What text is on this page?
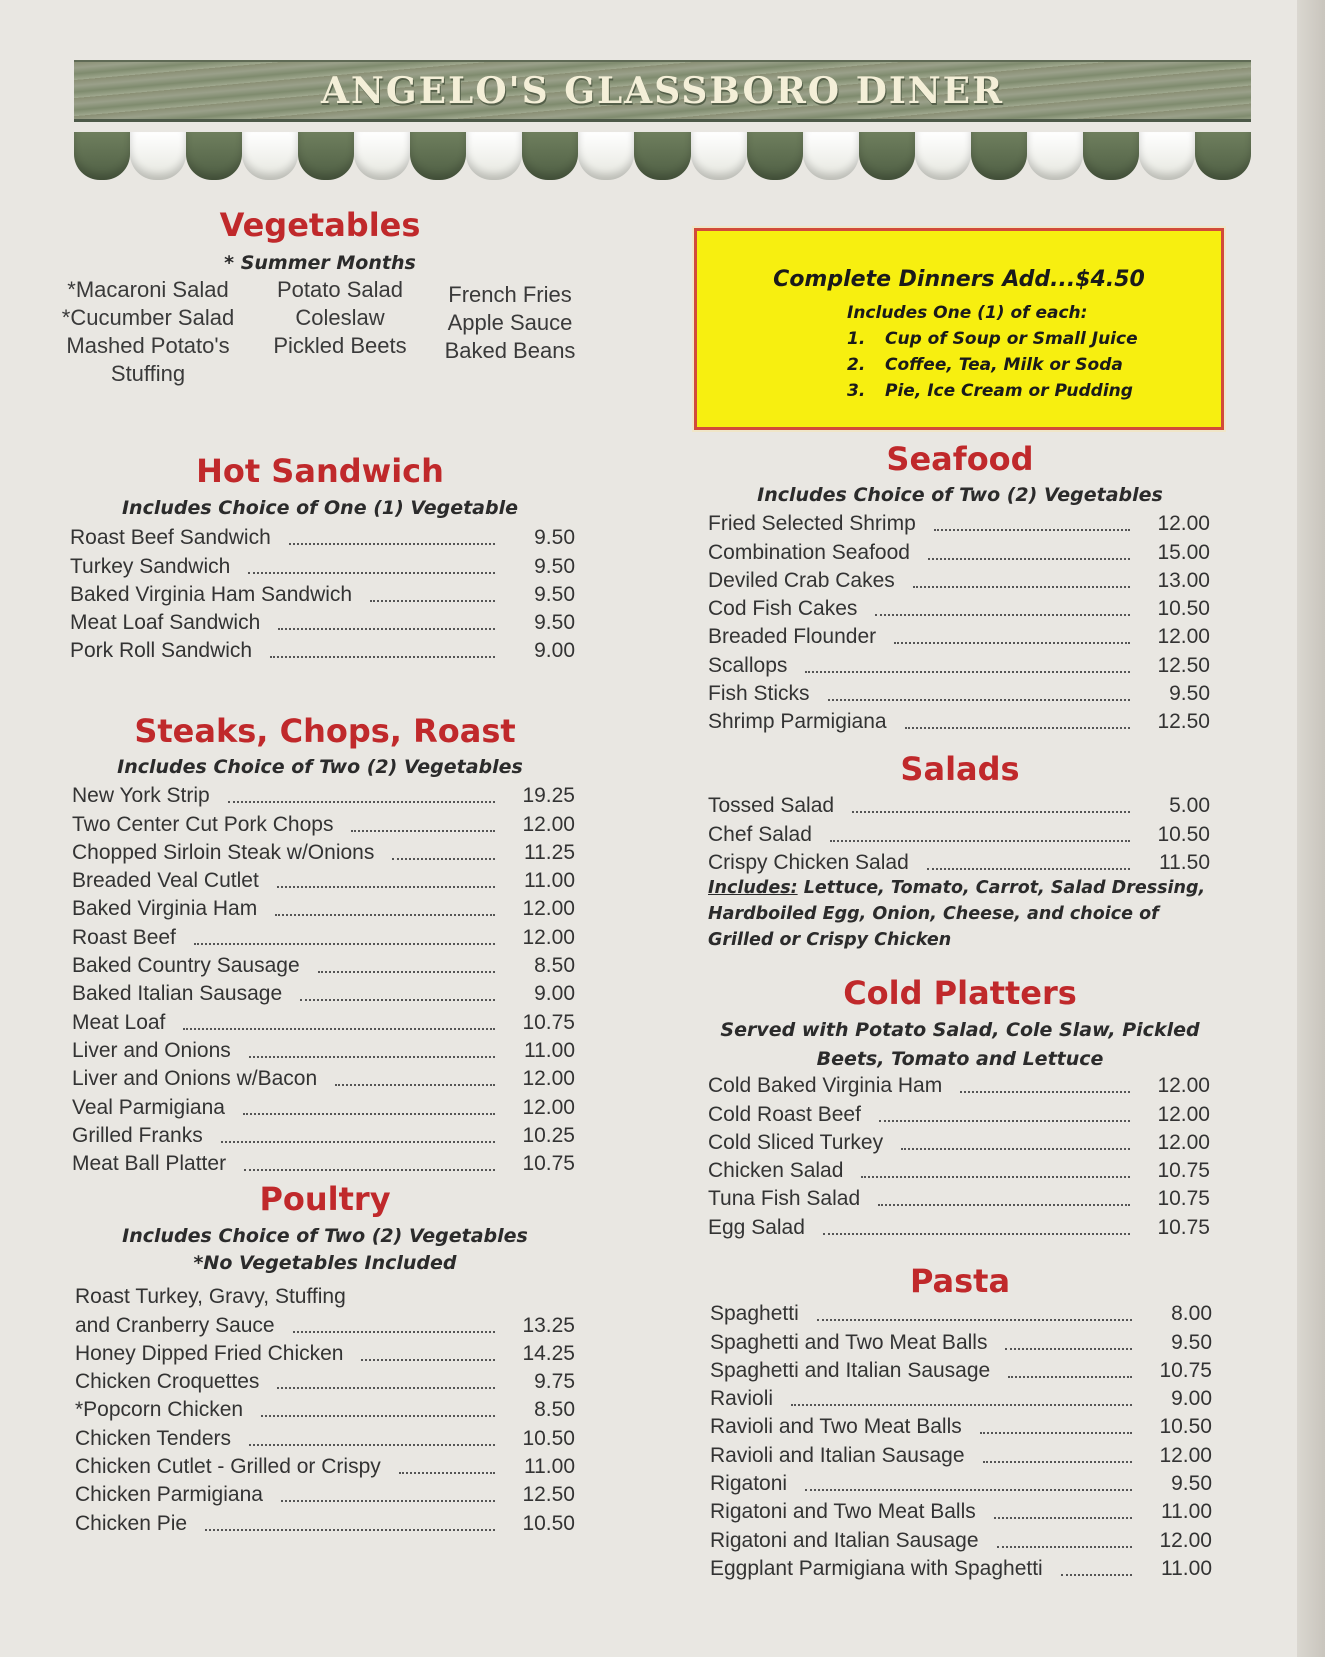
ANGELO'S GLASSBORO DINER
Vegetables
* Summer Months
*Macaroni Salad
*Cucumber Salad
Mashed Potato's
Stuffing
Potato Salad
Coleslaw
Pickled Beets
French Fries
Apple Sauce
Baked Beans
Complete Dinners Add...$4.50
Includes One (1) of each:
1. Cup of Soup or Small Juice
2. Coffee, Tea, Milk or Soda
3. Pie, Ice Cream or Pudding
Hot Sandwich
Includes Choice of One (1) Vegetable
Roast Beef Sandwich	9.50
Turkey Sandwich	9.50
Baked Virginia Ham Sandwich	9.50
Meat Loaf Sandwich	9.50
Pork Roll Sandwich	9.00
Steaks, Chops, Roast
Includes Choice of Two (2) Vegetables
New York Strip	19.25
Two Center Cut Pork Chops	12.00
Chopped Sirloin Steak w/Onions	11.25
Breaded Veal Cutlet	11.00
Baked Virginia Ham	12.00
Roast Beef	12.00
Baked Country Sausage	8.50
Baked Italian Sausage	9.00
Meat Loaf	10.75
Liver and Onions	11.00
Liver and Onions w/Bacon	12.00
Veal Parmigiana	12.00
Grilled Franks	10.25
Meat Ball Platter	10.75
Poultry
Includes Choice of Two (2) Vegetables
*No Vegetables Included
Roast Turkey, Gravy, Stuffing
and Cranberry Sauce	13.25
Honey Dipped Fried Chicken	14.25
Chicken Croquettes	9.75
*Popcorn Chicken	8.50
Chicken Tenders	10.50
Chicken Cutlet - Grilled or Crispy	11.00
Chicken Parmigiana	12.50
Chicken Pie	10.50
Seafood
Includes Choice of Two (2) Vegetables
Fried Selected Shrimp	12.00
Combination Seafood	15.00
Deviled Crab Cakes	13.00
Cod Fish Cakes	10.50
Breaded Flounder	12.00
Scallops	12.50
Fish Sticks	9.50
Shrimp Parmigiana	12.50
Salads
Tossed Salad	5.00
Chef Salad	10.50
Crispy Chicken Salad	11.50
Includes: Lettuce, Tomato, Carrot, Salad Dressing, Hardboiled Egg, Onion, Cheese, and choice of Grilled or Crispy Chicken
Cold Platters
Served with Potato Salad, Cole Slaw, Pickled Beets, Tomato and Lettuce
Cold Baked Virginia Ham	12.00
Cold Roast Beef	12.00
Cold Sliced Turkey	12.00
Chicken Salad	10.75
Tuna Fish Salad	10.75
Egg Salad	10.75
Pasta
Spaghetti	8.00
Spaghetti and Two Meat Balls	9.50
Spaghetti and Italian Sausage	10.75
Ravioli	9.00
Ravioli and Two Meat Balls	10.50
Ravioli and Italian Sausage	12.00
Rigatoni	9.50
Rigatoni and Two Meat Balls	11.00
Rigatoni and Italian Sausage	12.00
Eggplant Parmigiana with Spaghetti	11.00
